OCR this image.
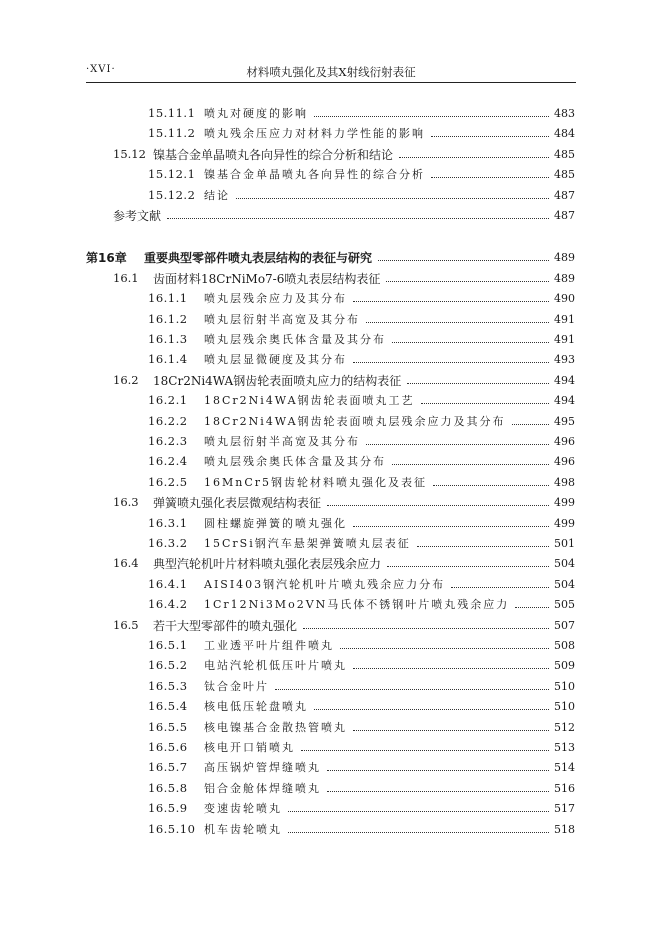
·XVI·	材料喷丸强化及其X射线衍射表征
15.11.1 喷丸对硬度的影响	483
15.11.2 喷丸残余压应力对材料力学性能的影响	484
15.12 镍基合金单晶喷丸各向异性的综合分析和结论	485
15.12.1 镍基合金单晶喷丸各向异性的综合分析	485
15.12.2 结论	487
参考文献	487
第16章	重要典型零部件喷丸表层结构的表征与研究	489
16.1	齿面材料18CrNiMo7-6喷丸表层结构表征	489
16.1.1	喷丸层残余应力及其分布	490
16.1.2	喷丸层衍射半高宽及其分布	491
16.1.3	喷丸层残余奥氏体含量及其分布	491
16.1.4	喷丸层显微硬度及其分布	493
16.2	18Cr2Ni4WA钢齿轮表面喷丸应力的结构表征	494
16.2.1	18Cr2Ni4WA钢齿轮表面喷丸工艺	494
16.2.2	18Cr2Ni4WA钢齿轮表面喷丸层残余应力及其分布	495
16.2.3	喷丸层衍射半高宽及其分布	496
16.2.4	喷丸层残余奥氏体含量及其分布	496
16.2.5	16MnCr5钢齿轮材料喷丸强化及表征	498
16.3	弹簧喷丸强化表层微观结构表征	499
16.3.1	圆柱螺旋弹簧的喷丸强化	499
16.3.2	15CrSi钢汽车悬架弹簧喷丸层表征	501
16.4	典型汽轮机叶片材料喷丸强化表层残余应力	504
16.4.1	AISI403钢汽轮机叶片喷丸残余应力分布	504
16.4.2	1Cr12Ni3Mo2VN马氏体不锈钢叶片喷丸残余应力	505
16.5	若干大型零部件的喷丸强化	507
16.5.1	工业透平叶片组件喷丸	508
16.5.2	电站汽轮机低压叶片喷丸	509
16.5.3	钛合金叶片	510
16.5.4	核电低压轮盘喷丸	510
16.5.5	核电镍基合金散热管喷丸	512
16.5.6	核电开口销喷丸	513
16.5.7	高压锅炉管焊缝喷丸	514
16.5.8	铝合金舱体焊缝喷丸	516
16.5.9	变速齿轮喷丸	517
16.5.10 机车齿轮喷丸	518
